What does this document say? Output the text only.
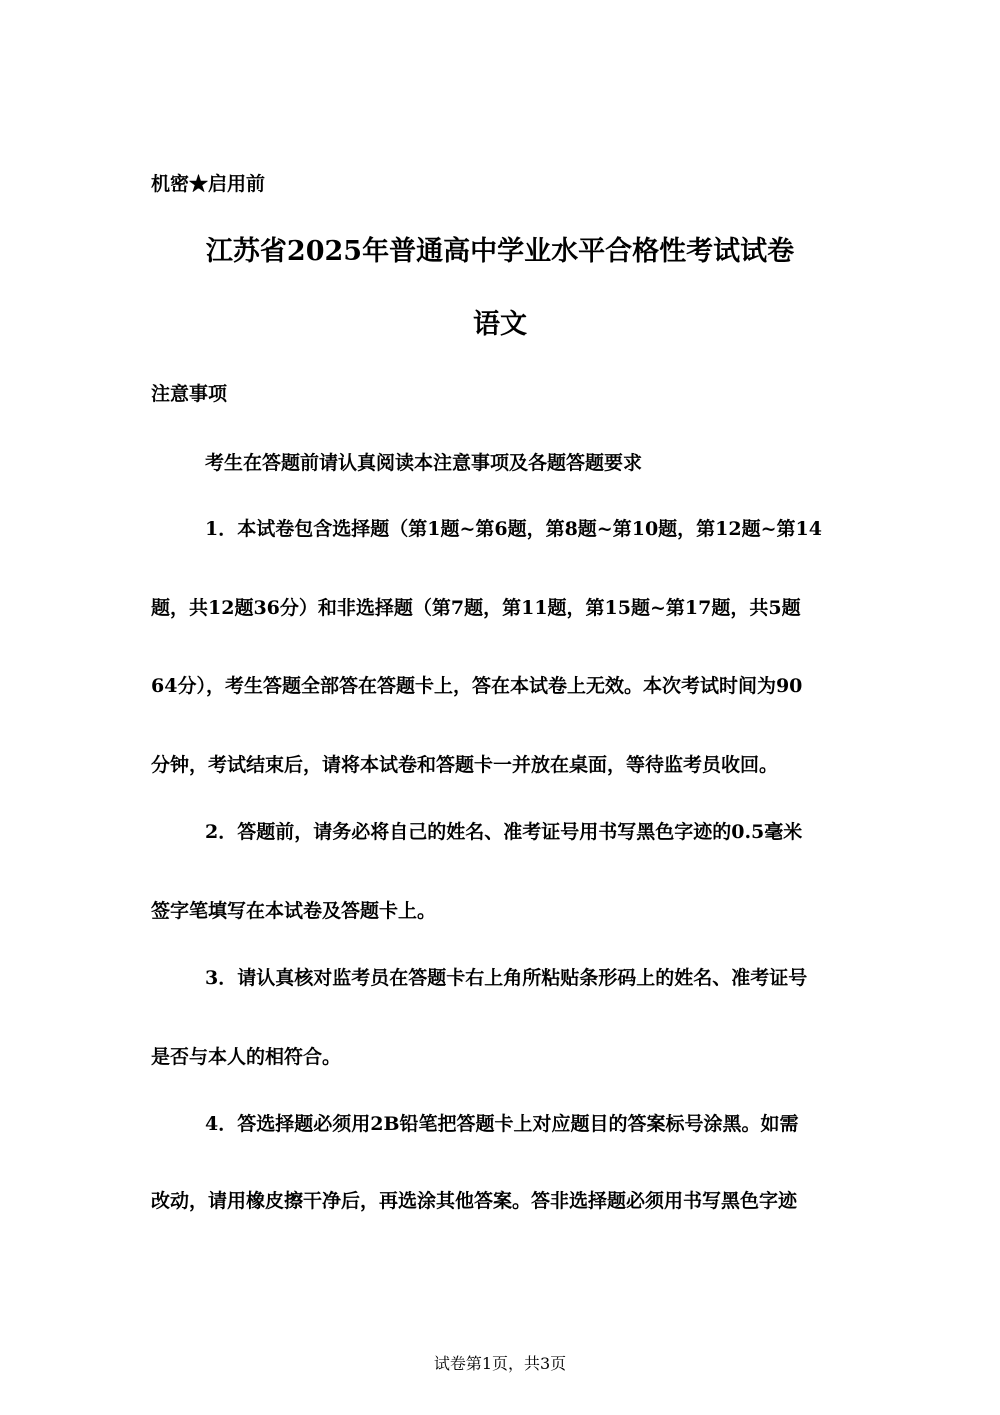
机密★启用前
江苏省2025年普通高中学业水平合格性考试试卷
语文
注意事项
考生在答题前请认真阅读本注意事项及各题答题要求
1．本试卷包含选择题（第1题~第6题，第8题~第10题，第12题~第14
题，共12题36分）和非选择题（第7题，第11题，第15题~第17题，共5题
64分），考生答题全部答在答题卡上，答在本试卷上无效。本次考试时间为90
分钟，考试结束后，请将本试卷和答题卡一并放在桌面，等待监考员收回。
2．答题前，请务必将自己的姓名、准考证号用书写黑色字迹的0.5毫米
签字笔填写在本试卷及答题卡上。
3．请认真核对监考员在答题卡右上角所粘贴条形码上的姓名、准考证号
是否与本人的相符合。
4．答选择题必须用2B铅笔把答题卡上对应题目的答案标号涂黑。如需
改动，请用橡皮擦干净后，再选涂其他答案。答非选择题必须用书写黑色字迹
试卷第1页，共3页
